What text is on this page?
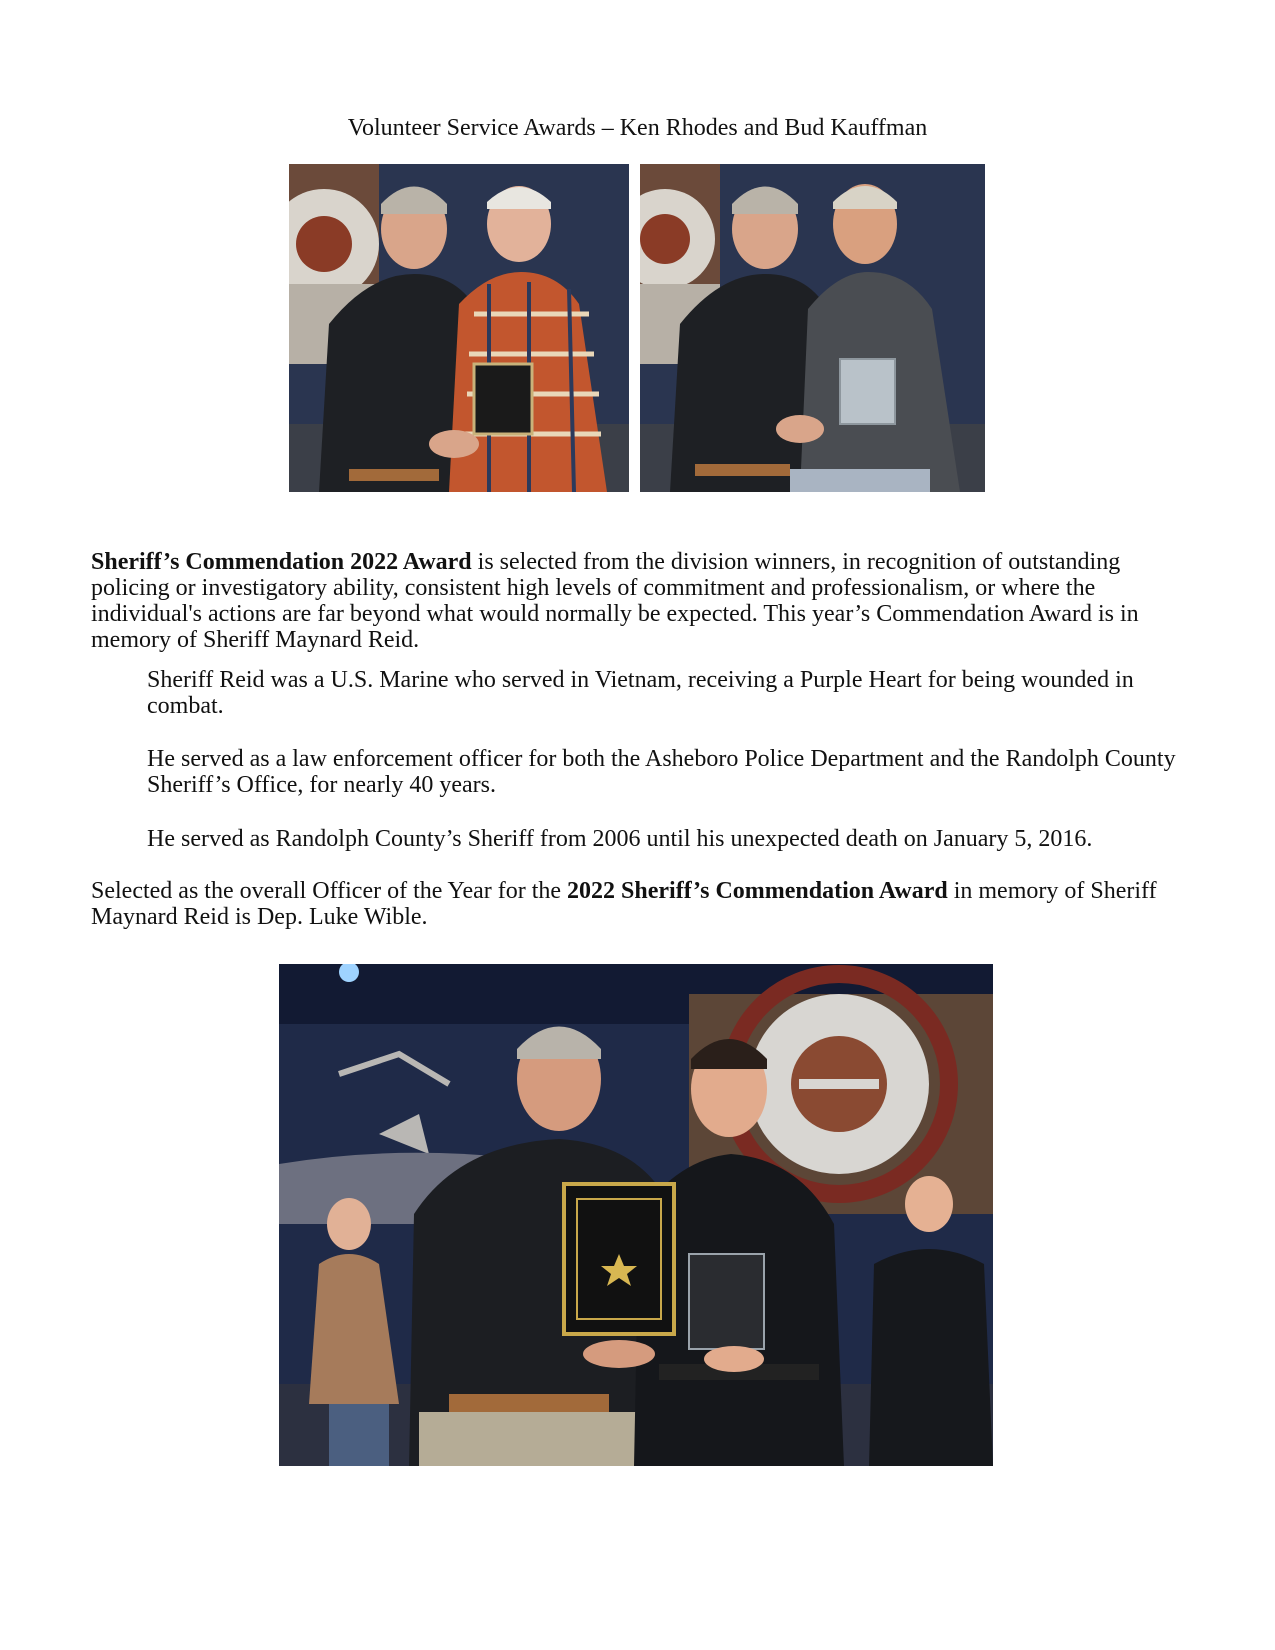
Volunteer Service Awards – Ken Rhodes and Bud Kauffman
Sheriff’s Commendation 2022 Award is selected from the division winners, in recognition of outstanding policing or investigatory ability, consistent high levels of commitment and professionalism, or where the individual's actions are far beyond what would normally be expected. This year’s Commendation Award is in memory of Sheriff Maynard Reid.
Sheriff Reid was a U.S. Marine who served in Vietnam, receiving a Purple Heart for being wounded in combat.
He served as a law enforcement officer for both the Asheboro Police Department and the Randolph County Sheriff’s Office, for nearly 40 years.
He served as Randolph County’s Sheriff from 2006 until his unexpected death on January 5, 2016.
Selected as the overall Officer of the Year for the 2022 Sheriff’s Commendation Award in memory of Sheriff Maynard Reid is Dep. Luke Wible.
